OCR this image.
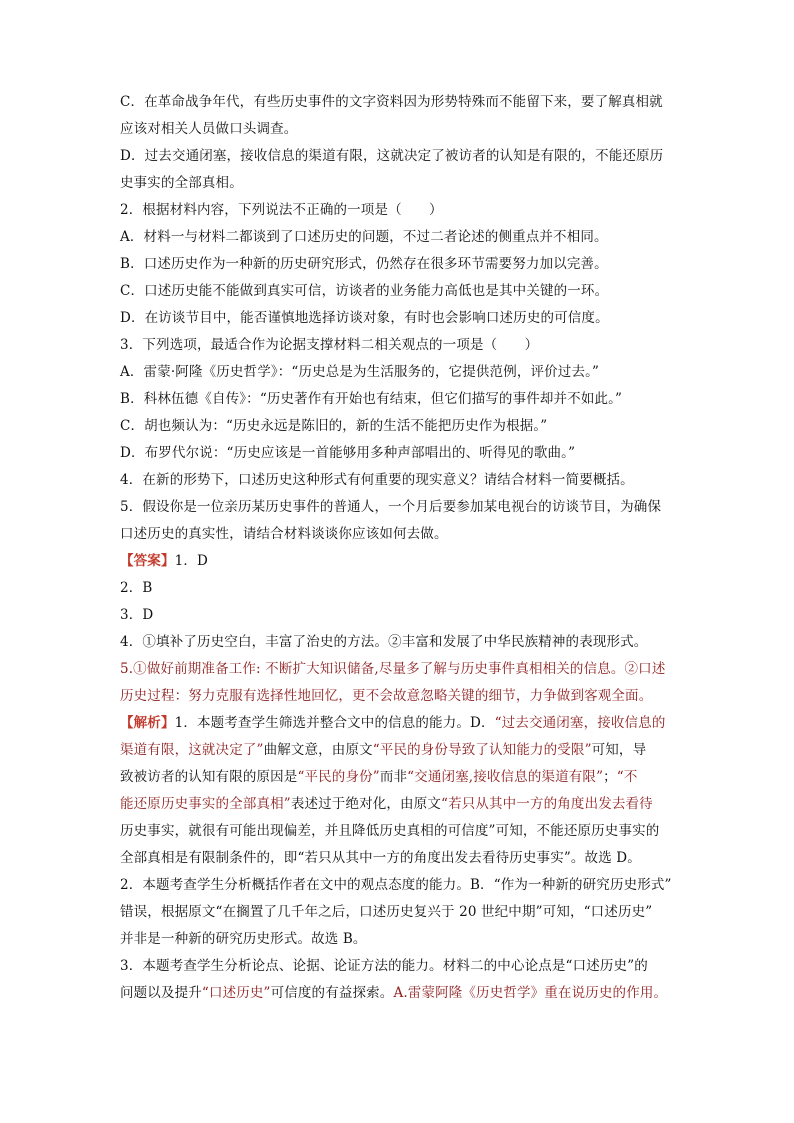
C．在革命战争年代，有些历史事件的文字资料因为形势特殊而不能留下来，要了解真相就
应该对相关人员做口头调查。
D．过去交通闭塞，接收信息的渠道有限，这就决定了被访者的认知是有限的，不能还原历
史事实的全部真相。
2．根据材料内容，下列说法不正确的一项是（　　）
A．材料一与材料二都谈到了口述历史的问题，不过二者论述的侧重点并不相同。
B．口述历史作为一种新的历史研究形式，仍然存在很多环节需要努力加以完善。
C．口述历史能不能做到真实可信，访谈者的业务能力高低也是其中关键的一环。
D．在访谈节目中，能否谨慎地选择访谈对象，有时也会影响口述历史的可信度。
3．下列选项，最适合作为论据支撑材料二相关观点的一项是（　　）
A．雷蒙·阿隆《历史哲学》：“历史总是为生活服务的，它提供范例，评价过去。”
B．科林伍德《自传》：“历史著作有开始也有结束，但它们描写的事件却并不如此。”
C．胡也频认为：“历史永远是陈旧的，新的生活不能把历史作为根据。”
D．布罗代尔说：“历史应该是一首能够用多种声部唱出的、听得见的歌曲。”
4．在新的形势下，口述历史这种形式有何重要的现实意义？请结合材料一简要概括。
5．假设你是一位亲历某历史事件的普通人，一个月后要参加某电视台的访谈节目，为确保
口述历史的真实性，请结合材料谈谈你应该如何去做。
【答案】1．D
2．B
3．D
4．①填补了历史空白，丰富了治史的方法。②丰富和发展了中华民族精神的表现形式。
5.①做好前期准备工作: 不断扩大知识储备,尽量多了解与历史事件真相相关的信息。②口述
历史过程：努力克服有选择性地回忆，更不会故意忽略关键的细节，力争做到客观全面。
【解析】1．本题考查学生筛选并整合文中的信息的能力。D．“过去交通闭塞，接收信息的
渠道有限，这就决定了”曲解文意，由原文“平民的身份导致了认知能力的受限”可知，导
致被访者的认知有限的原因是“平民的身份”而非“交通闭塞,接收信息的渠道有限”；“不
能还原历史事实的全部真相”表述过于绝对化，由原文“若只从其中一方的角度出发去看待
历史事实，就很有可能出现偏差，并且降低历史真相的可信度”可知，不能还原历史事实的
全部真相是有限制条件的，即“若只从其中一方的角度出发去看待历史事实”。故选 D。
2．本题考查学生分析概括作者在文中的观点态度的能力。B．“作为一种新的研究历史形式”
错误，根据原文“在搁置了几千年之后，口述历史复兴于 20 世纪中期”可知，“口述历史”
并非是一种新的研究历史形式。故选 B。
3．本题考查学生分析论点、论据、论证方法的能力。材料二的中心论点是“口述历史”的
问题以及提升“口述历史”可信度的有益探索。A.雷蒙阿隆《历史哲学》重在说历史的作用。
